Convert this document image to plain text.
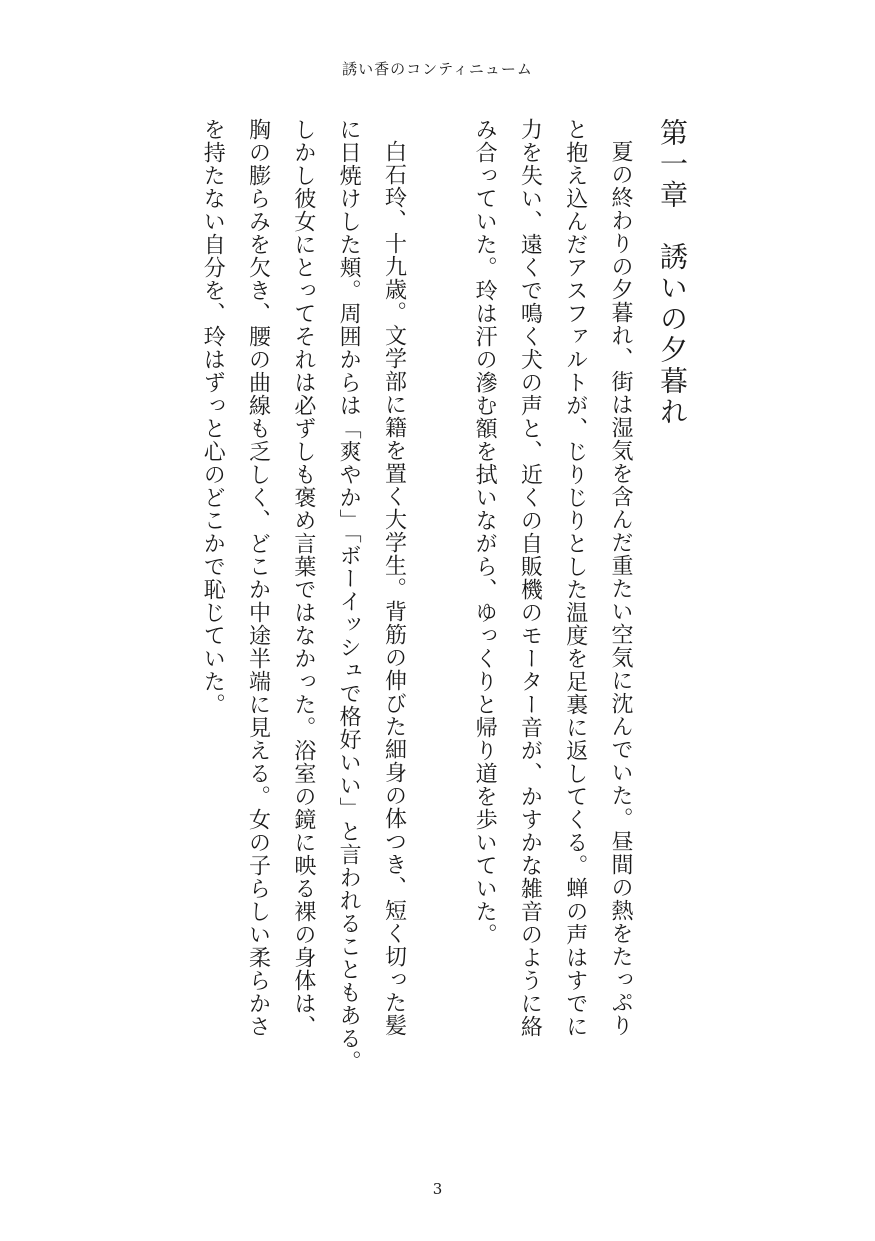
誘い香のコンティニューム
第一章　誘いの夕暮れ
夏の終わりの夕暮れ、街は湿気を含んだ重たい空気に沈んでいた。昼間の熱をたっぷり
と抱え込んだアスファルトが、じりじりとした温度を足裏に返してくる。蝉の声はすでに
力を失い、遠くで鳴く犬の声と、近くの自販機のモーター音が、かすかな雑音のように絡
み合っていた。玲は汗の滲む額を拭いながら、ゆっくりと帰り道を歩いていた。
白石玲、十九歳。文学部に籍を置く大学生。背筋の伸びた細身の体つき、短く切った髪
に日焼けした頬。周囲からは「爽やか」「ボーイッシュで格好いい」と言われることもある。
しかし彼女にとってそれは必ずしも褒め言葉ではなかった。浴室の鏡に映る裸の身体は、
胸の膨らみを欠き、腰の曲線も乏しく、どこか中途半端に見える。女の子らしい柔らかさ
を持たない自分を、玲はずっと心のどこかで恥じていた。
3
